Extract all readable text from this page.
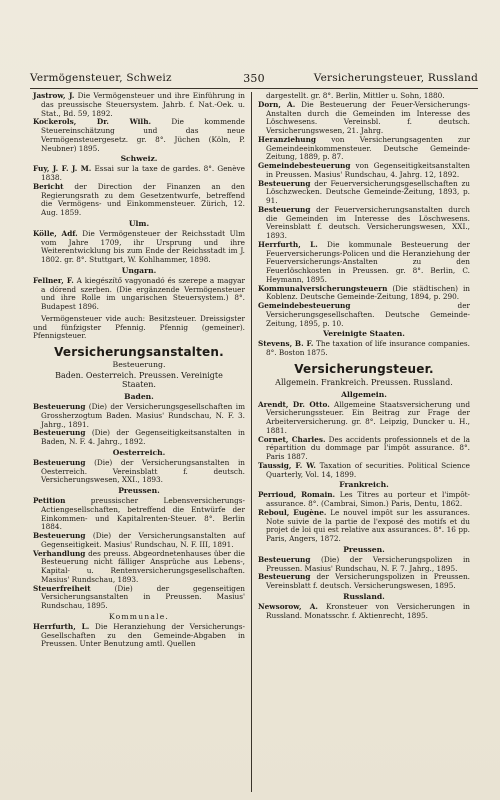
Vermögensteuer, Schweiz	350	Versicherungsteuer, Russland

Jastrow, J. Die Vermögensteuer und ihre Einführung in das preussische Steuersystem. Jahrb. f. Nat.-Oek. u. Stat., Bd. 59, 1892.

Kockerols, Dr. Wilh. Die kommende Steuereinschätzung und das neue Vermögensteuergesetz. gr. 8°. Jüchen (Köln, P. Neubner) 1895.

Schweiz.

Fuy, J. F. J. M. Essai sur la taxe de gardes. 8°. Genève 1838.

Bericht der Direction der Finanzen an den Regierungsrath zu dem Gesetzentwurfe, betreffend die Vermögens- und Einkommensteuer. Zürich, 12. Aug. 1859.

Ulm.

Kölle, Adf. Die Vermögensteuer der Reichsstadt Ulm vom Jahre 1709, ihr Ursprung und ihre Weiterentwicklung bis zum Ende der Reichsstadt im J. 1802. gr. 8°. Stuttgart, W. Kohlhammer, 1898.

Ungarn.

Fellner, F. A kiegészítő vagyonadó és szerepe a magyar a dórend szerben. (Die ergänzende Vermögensteuer und ihre Rolle im ungarischen Steuersystem.) 8°. Budapest 1896.

Vermögensteuer vide auch: Besitzsteuer. Dreissigster und fünfzigster Pfennig. Pfennig (gemeiner). Pfennigsteuer.

Versicherungsanstalten.

Besteuerung.

Baden. Oesterreich. Preussen. Vereinigte Staaten.

Baden.

Besteuerung (Die) der Versicherungsgesellschaften im Grossherzogtum Baden. Masius' Rundschau, N. F. 3. Jahrg., 1891.

Besteuerung (Die) der Gegenseitigkeitsanstalten in Baden, N. F. 4. Jahrg., 1892.

Oesterreich.

Besteuerung (Die) der Versicherungsanstalten in Oesterreich. Vereinsblatt f. deutsch. Versicherungswesen, XXI., 1893.

Preussen.

Petition preussischer Lebensversicherungs-Actiengesellschaften, betreffend die Entwürfe der Einkommen- und Kapitalrenten-Steuer. 8°. Berlin 1884.

Besteuerung (Die) der Versicherungsanstalten auf Gegenseitigkeit. Masius' Rundschau, N. F. III, 1891.

Verhandlung des preuss. Abgeordnetenhauses über die Besteuerung nicht fälliger Ansprüche aus Lebens-, Kapital- u. Rentenversicherungsgesellschaften. Masius' Rundschau, 1893.

Steuerfreiheit (Die) der gegenseitigen Versicherungsanstalten in Preussen. Masius' Rundschau, 1895.

Kommunale.

Herrfurth, L. Die Heranziehung der Versicherungs-Gesellschaften zu den Gemeinde-Abgaben in Preussen. Unter Benutzung amtl. Quellen

dargestellt. gr. 8°. Berlin, Mittler u. Sohn, 1880.

Dorn, A. Die Besteuerung der Feuer-Versicherungs-Anstalten durch die Gemeinden im Interesse des Löschwesens. Vereinsbl. f. deutsch. Versicherungswesen, 21. Jahrg.

Heranziehung von Versicherungsagenten zur Gemeindeeinkommensteuer. Deutsche Gemeinde-Zeitung, 1889, p. 87.

Gemeindebesteuerung von Gegenseitigkeitsanstalten in Preussen. Masius' Rundschau, 4. Jahrg. 12, 1892.

Besteuerung der Feuerversicherungsgesellschaften zu Löschzwecken. Deutsche Gemeinde-Zeitung, 1893, p. 91.

Besteuerung der Feuerversicherungsanstalten durch die Gemeinden im Interesse des Löschwesens. Vereinsblatt f. deutsch. Versicherungswesen, XXI., 1893.

Herrfurth, L. Die kommunale Besteuerung der Feuerversicherungs-Policen und die Heranziehung der Feuerversicherungs-Anstalten zu den Feuerlöschkosten in Preussen. gr. 8°. Berlin, C. Heymann, 1895.

Kommunalversicherungsteuern (Die städtischen) in Koblenz. Deutsche Gemeinde-Zeitung, 1894, p. 290.

Gemeindebesteuerung der Versicherungsgesellschaften. Deutsche Gemeinde-Zeitung, 1895, p. 10.

Vereinigte Staaten.

Stevens, B. F. The taxation of life insurance companies. 8°. Boston 1875.

Versicherungsteuer.

Allgemein. Frankreich. Preussen. Russland.

Allgemein.

Arendt, Dr. Otto. Allgemeine Staatsversicherung und Versicherungssteuer. Ein Beitrag zur Frage der Arbeiterversicherung. gr. 8°. Leipzig, Duncker u. H., 1881.

Cornet, Charles. Des accidents professionnels et de la répartition du dommage par l'impôt assurance. 8°. Paris 1887.

Taussig, F. W. Taxation of securities. Political Science Quarterly, Vol. 14, 1899.

Frankreich.

Perrioud, Romain. Les Titres au porteur et l'impôt-assurance. 8°. (Cambrai, Simon.) Paris, Dentu, 1862.

Reboul, Eugène. Le nouvel impôt sur les assurances. Note suivie de la partie de l'exposé des motifs et du projet de loi qui est relative aux assurances. 8°. 16 pp. Paris, Angers, 1872.

Preussen.

Besteuerung (Die) der Versicherungspolizen in Preussen. Masius' Rundschau, N. F. 7. Jahrg., 1895.

Besteuerung der Versicherungspolizen in Preussen. Vereinsblatt f. deutsch. Versicherungswesen, 1895.

Russland.

Newsorow, A. Kronsteuer von Versicherungen in Russland. Monatsschr. f. Aktienrecht, 1895.
